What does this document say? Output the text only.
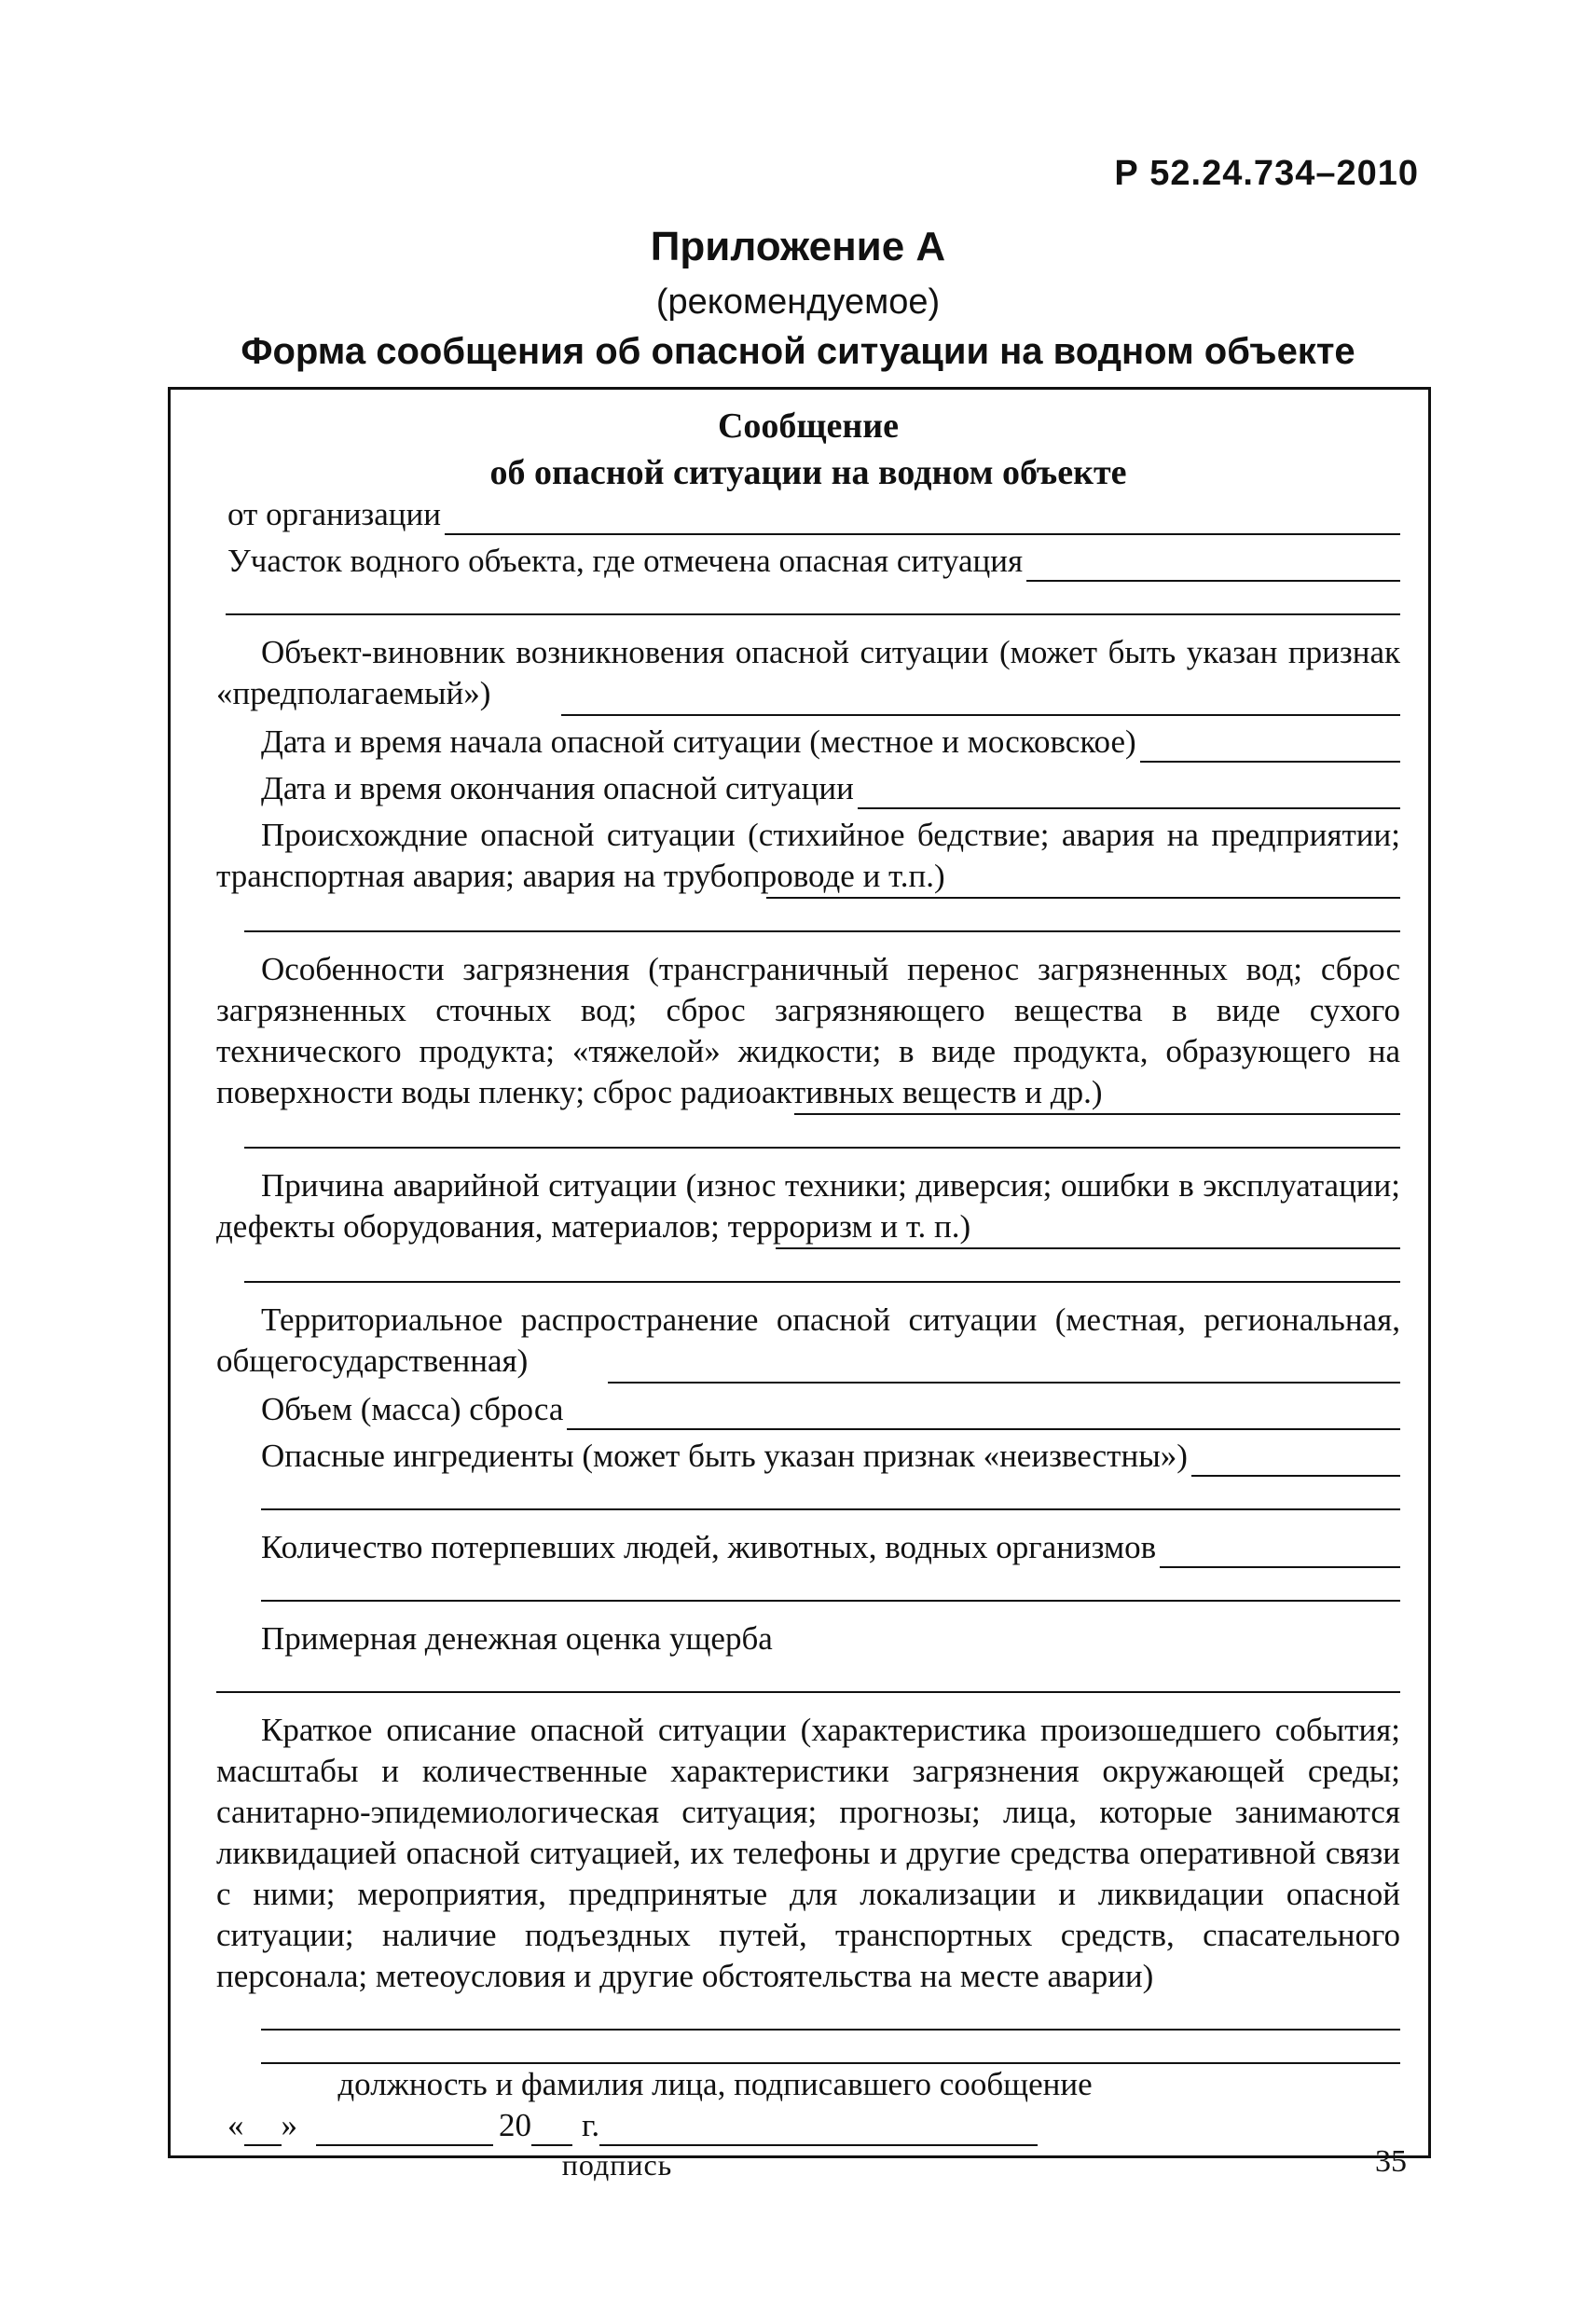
Р 52.24.734–2010
Приложение А
(рекомендуемое)
Форма сообщения об опасной ситуации на водном объекте
Сообщение
об опасной ситуации на водном объекте
от организации
Участок водного объекта, где отмечена опасная ситуация
Объект-виновник возникновения опасной ситуации (может быть указан признак «предполагаемый»)
Дата и время начала опасной ситуации (местное и московское)
Дата и время окончания опасной ситуации
Происхождние опасной ситуации (стихийное бедствие; авария на предприятии; транспортная авария; авария на трубопроводе и т.п.)
Особенности загрязнения (трансграничный перенос загрязненных вод; сброс загрязненных сточных вод; сброс загрязняющего вещества в виде сухого технического продукта; «тяжелой» жидкости; в виде продукта, образующего на поверхности воды пленку; сброс радиоактивных веществ и др.)
Причина аварийной ситуации (износ техники; диверсия; ошибки в эксплуатации; дефекты оборудования, материалов; терроризм и т. п.)
Территориальное распространение опасной ситуации (местная, региональная, общегосударственная)
Объем (масса) сброса
Опасные ингредиенты (может быть указан признак «неизвестны»)
Количество потерпевших людей, животных, водных организмов
Примерная денежная оценка ущерба
Краткое описание опасной ситуации (характеристика произошедшего события; масштабы и количественные характеристики загрязнения окружающей среды; санитарно-эпидемиологическая ситуация; прогнозы; лица, которые занимаются ликвидацией опасной ситуацией, их телефоны и другие средства оперативной связи с ними; мероприятия, предпринятые для локализации и ликвидации опасной ситуации; наличие подъездных путей, транспортных средств, спасательного персонала; метеоусловия и другие обстоятельства на месте аварии)
должность и фамилия лица, подписавшего сообщение
« »	20 г.
подпись	35
